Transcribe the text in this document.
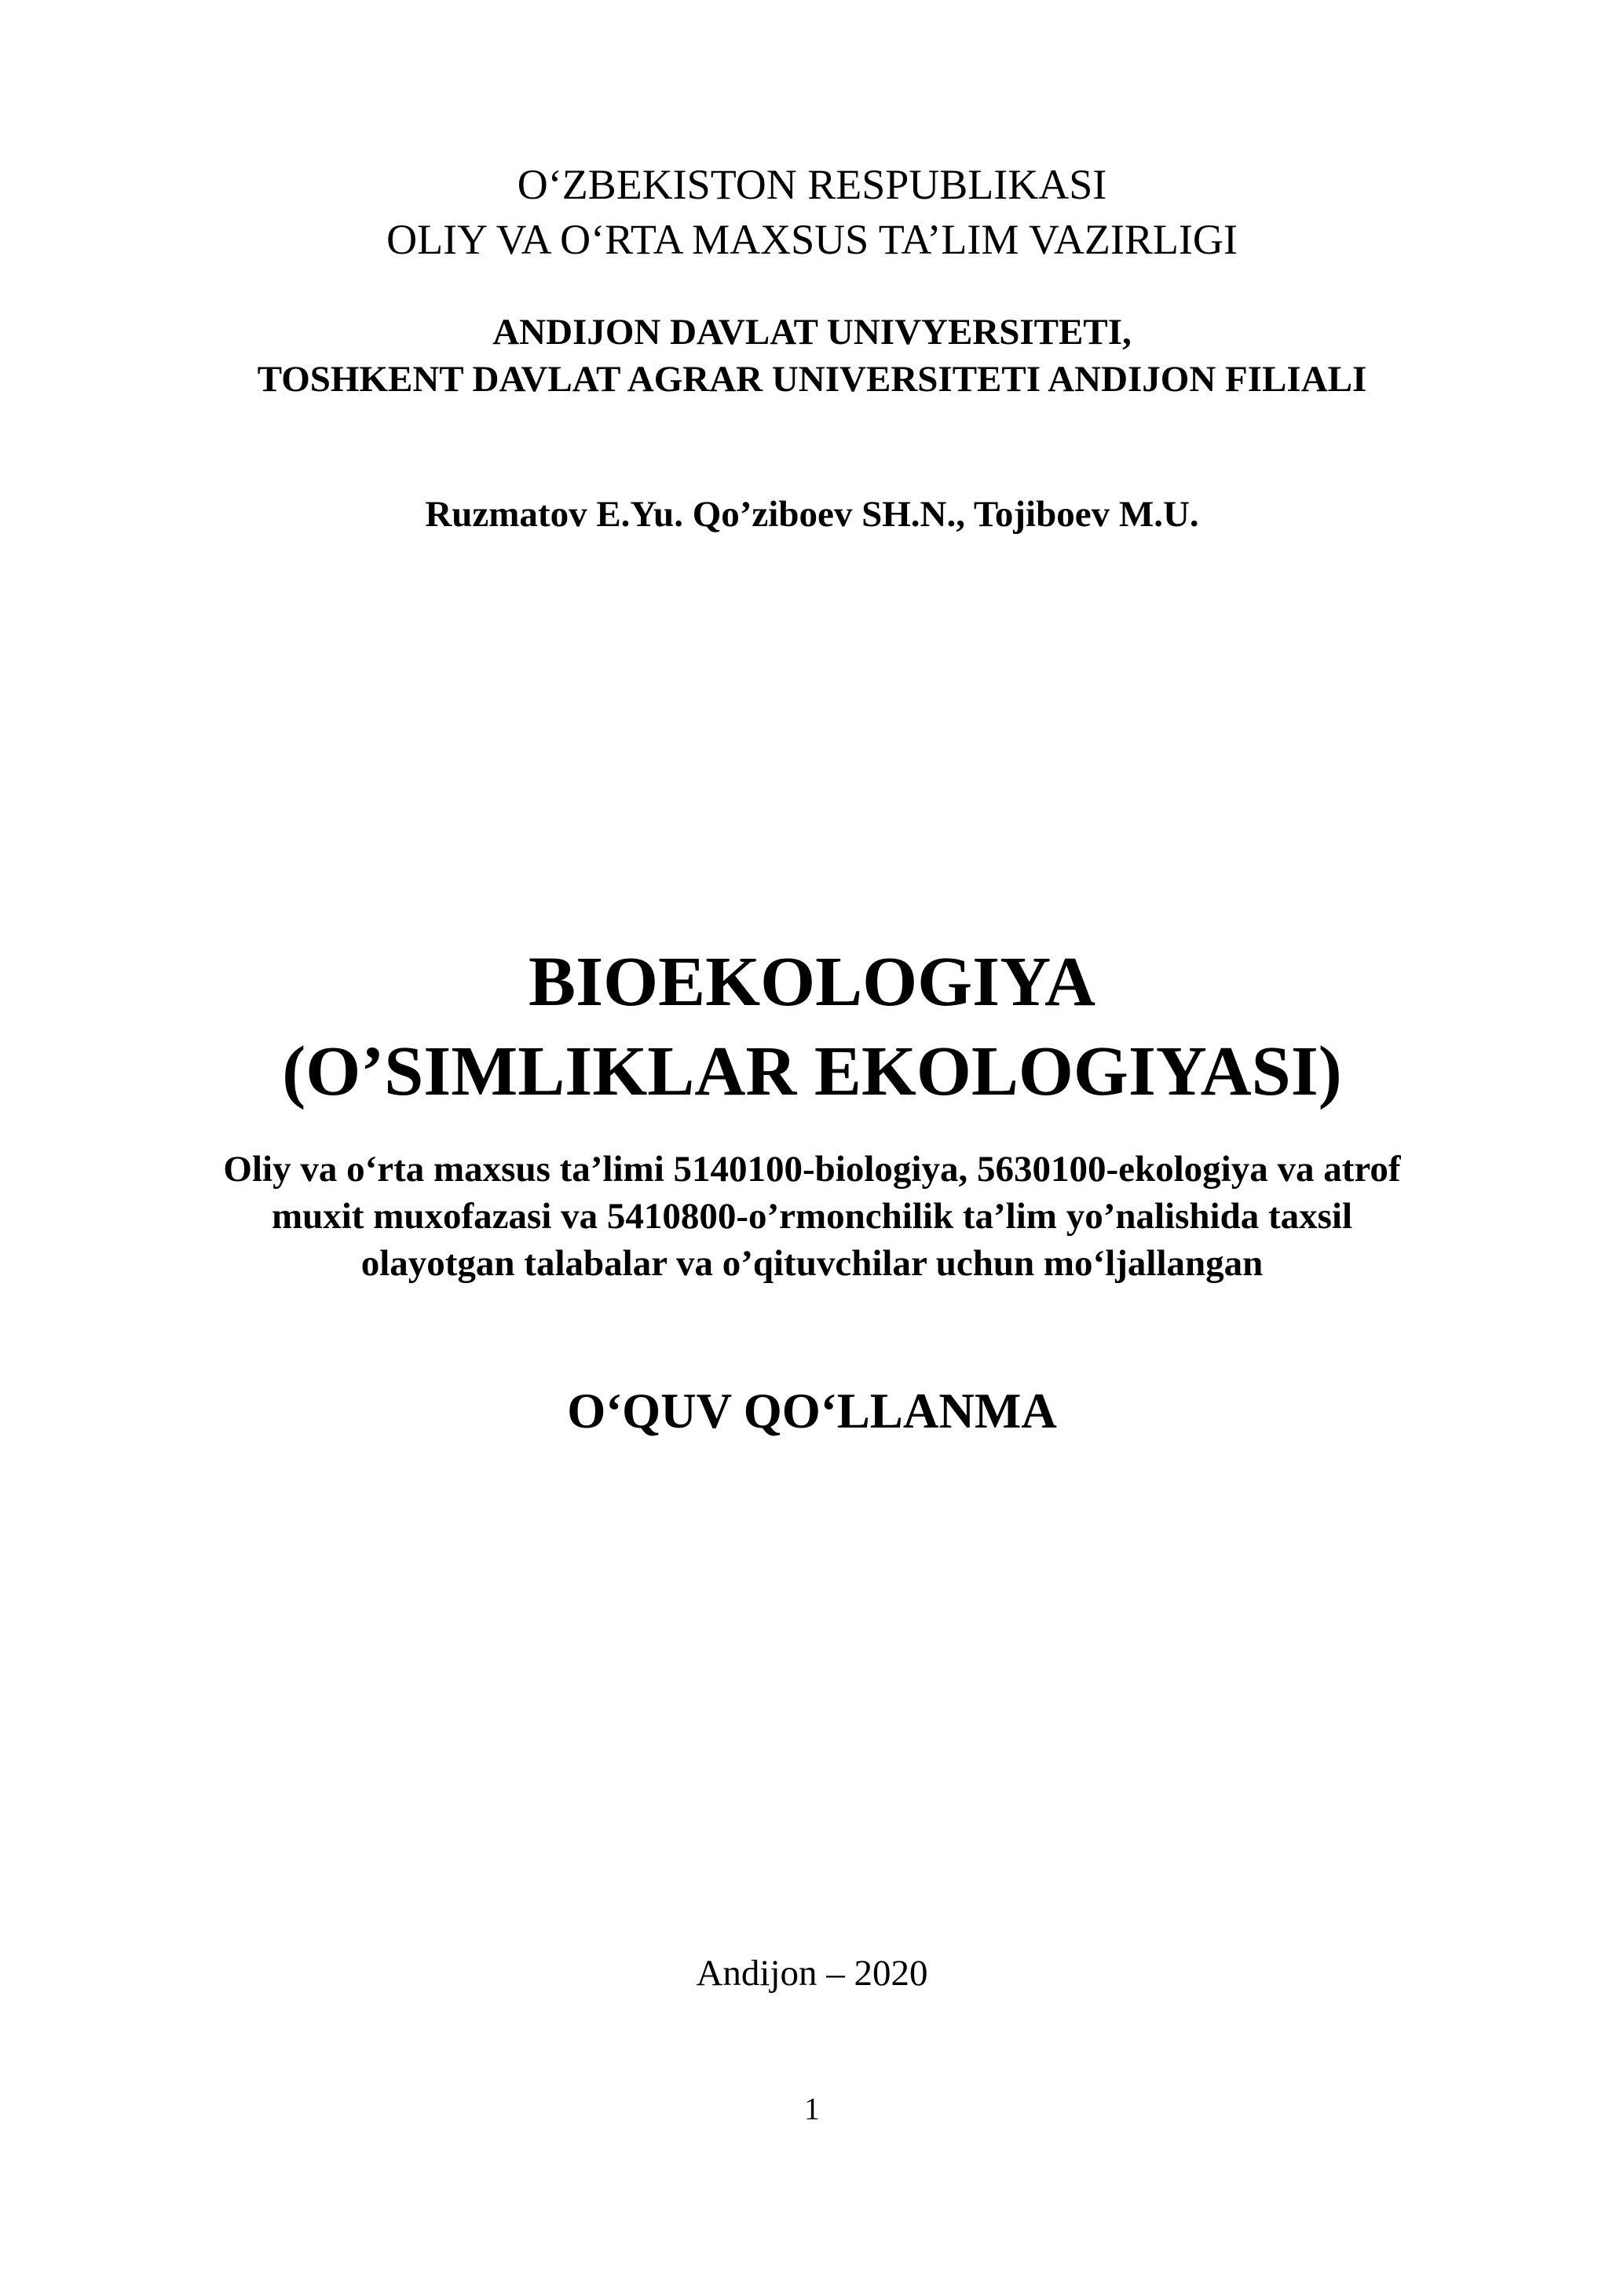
O‘ZBEKISTON RESPUBLIKASI
OLIY VA O‘RTA MAXSUS TA’LIM VAZIRLIGI
ANDIJON DAVLAT UNIVYERSITETI,
TOSHKENT DAVLAT AGRAR UNIVERSITETI ANDIJON FILIALI
Ruzmatov E.Yu. Qo’ziboev SH.N., Tojiboev M.U.
BIOEKOLOGIYA
(O’SIMLIKLAR EKOLOGIYASI)
Oliy va o‘rta maxsus ta’limi 5140100-biologiya, 5630100-ekologiya va atrof
muxit muxofazasi va 5410800-o’rmonchilik ta’lim yo’nalishida taxsil
olayotgan talabalar va o’qituvchilar uchun mo‘ljallangan
O‘QUV QO‘LLANMA
Andijon – 2020
1
